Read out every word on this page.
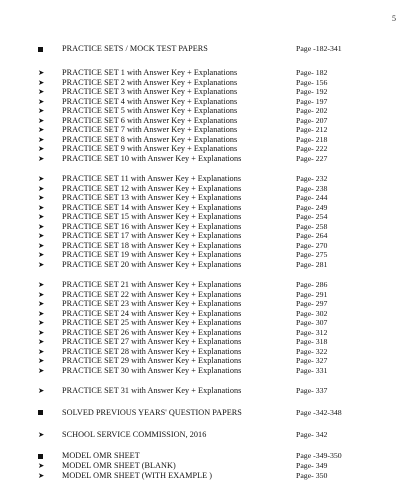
5
PRACTICE SETS / MOCK TEST PAPERS	Page -182-341
➤ PRACTICE SET 1 with Answer Key + Explanations	Page- 182
➤ PRACTICE SET 2 with Answer Key + Explanations	Page- 156
➤ PRACTICE SET 3 with Answer Key + Explanations	Page- 192
➤ PRACTICE SET 4 with Answer Key + Explanations	Page- 197
➤ PRACTICE SET 5 with Answer Key + Explanations	Page- 202
➤ PRACTICE SET 6 with Answer Key + Explanations	Page- 207
➤ PRACTICE SET 7 with Answer Key + Explanations	Page- 212
➤ PRACTICE SET 8 with Answer Key + Explanations	Page- 218
➤ PRACTICE SET 9 with Answer Key + Explanations	Page- 222
➤ PRACTICE SET 10 with Answer Key + Explanations	Page- 227
➤ PRACTICE SET 11 with Answer Key + Explanations	Page- 232
➤ PRACTICE SET 12 with Answer Key + Explanations	Page- 238
➤ PRACTICE SET 13 with Answer Key + Explanations	Page- 244
➤ PRACTICE SET 14 with Answer Key + Explanations	Page- 249
➤ PRACTICE SET 15 with Answer Key + Explanations	Page- 254
➤ PRACTICE SET 16 with Answer Key + Explanations	Page- 258
➤ PRACTICE SET 17 with Answer Key + Explanations	Page- 264
➤ PRACTICE SET 18 with Answer Key + Explanations	Page- 270
➤ PRACTICE SET 19 with Answer Key + Explanations	Page- 275
➤ PRACTICE SET 20 with Answer Key + Explanations	Page- 281
➤ PRACTICE SET 21 with Answer Key + Explanations	Page- 286
➤ PRACTICE SET 22 with Answer Key + Explanations	Page- 291
➤ PRACTICE SET 23 with Answer Key + Explanations	Page- 297
➤ PRACTICE SET 24 with Answer Key + Explanations	Page- 302
➤ PRACTICE SET 25 with Answer Key + Explanations	Page- 307
➤ PRACTICE SET 26 with Answer Key + Explanations	Page- 312
➤ PRACTICE SET 27 with Answer Key + Explanations	Page- 318
➤ PRACTICE SET 28 with Answer Key + Explanations	Page- 322
➤ PRACTICE SET 29 with Answer Key + Explanations	Page- 327
➤ PRACTICE SET 30 with Answer Key + Explanations	Page- 331
➤ PRACTICE SET 31 with Answer Key + Explanations	Page- 337
SOLVED PREVIOUS YEARS' QUESTION PAPERS	Page -342-348
➤ SCHOOL SERVICE COMMISSION, 2016	Page- 342
MODEL OMR SHEET	Page -349-350
➤ MODEL OMR SHEET (BLANK)	Page- 349
➤ MODEL OMR SHEET (WITH EXAMPLE )	Page- 350
